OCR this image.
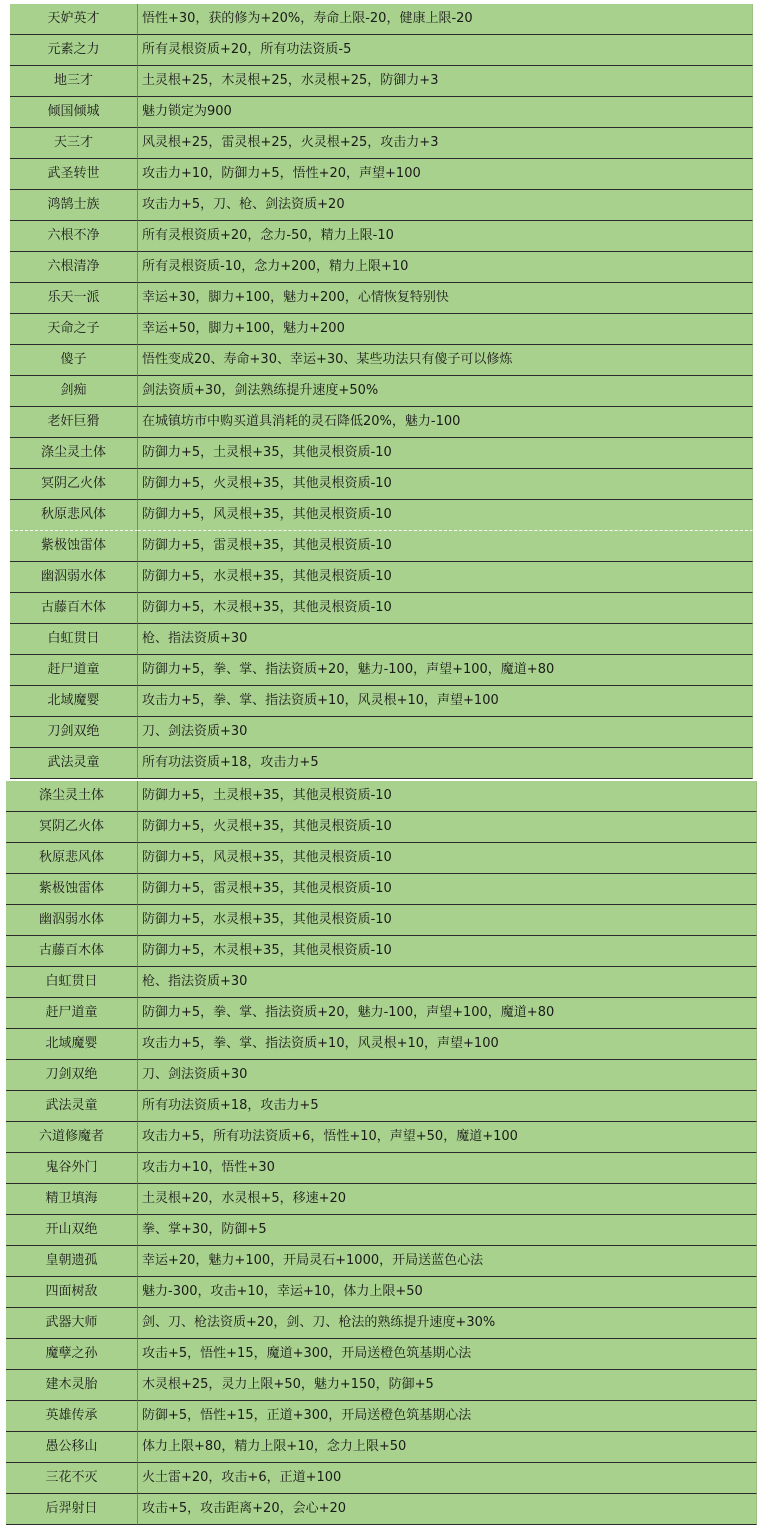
天妒英才	悟性+30，获的修为+20%，寿命上限-20，健康上限-20
元素之力	所有灵根资质+20，所有功法资质-5
地三才	土灵根+25，木灵根+25，水灵根+25，防御力+3
倾国倾城	魅力锁定为900
天三才	风灵根+25，雷灵根+25，火灵根+25，攻击力+3
武圣转世	攻击力+10，防御力+5，悟性+20，声望+100
鸿鹄士族	攻击力+5，刀、枪、剑法资质+20
六根不净	所有灵根资质+20，念力-50，精力上限-10
六根清净	所有灵根资质-10，念力+200，精力上限+10
乐天一派	幸运+30，脚力+100，魅力+200，心情恢复特别快
天命之子	幸运+50，脚力+100，魅力+200
傻子	悟性变成20、寿命+30、幸运+30、某些功法只有傻子可以修炼
剑痴	剑法资质+30，剑法熟练提升速度+50%
老奸巨猾	在城镇坊市中购买道具消耗的灵石降低20%，魅力-100
涤尘灵土体	防御力+5，土灵根+35，其他灵根资质-10
冥阴乙火体	防御力+5，火灵根+35，其他灵根资质-10
秋原悲风体	防御力+5，风灵根+35，其他灵根资质-10
紫极蚀雷体	防御力+5，雷灵根+35，其他灵根资质-10
幽泅弱水体	防御力+5，水灵根+35，其他灵根资质-10
古藤百木体	防御力+5，木灵根+35，其他灵根资质-10
白虹贯日	枪、指法资质+30
赶尸道童	防御力+5，拳、掌、指法资质+20，魅力-100，声望+100，魔道+80
北域魔婴	攻击力+5，拳、掌、指法资质+10，风灵根+10，声望+100
刀剑双绝	刀、剑法资质+30
武法灵童	所有功法资质+18，攻击力+5
涤尘灵土体	防御力+5，土灵根+35，其他灵根资质-10
冥阴乙火体	防御力+5，火灵根+35，其他灵根资质-10
秋原悲风体	防御力+5，风灵根+35，其他灵根资质-10
紫极蚀雷体	防御力+5，雷灵根+35，其他灵根资质-10
幽泅弱水体	防御力+5，水灵根+35，其他灵根资质-10
古藤百木体	防御力+5，木灵根+35，其他灵根资质-10
白虹贯日	枪、指法资质+30
赶尸道童	防御力+5，拳、掌、指法资质+20，魅力-100，声望+100，魔道+80
北域魔婴	攻击力+5，拳、掌、指法资质+10，风灵根+10，声望+100
刀剑双绝	刀、剑法资质+30
武法灵童	所有功法资质+18，攻击力+5
六道修魔者	攻击力+5，所有功法资质+6，悟性+10，声望+50，魔道+100
鬼谷外门	攻击力+10，悟性+30
精卫填海	土灵根+20，水灵根+5，移速+20
开山双绝	拳、掌+30，防御+5
皇朝遗孤	幸运+20，魅力+100，开局灵石+1000，开局送蓝色心法
四面树敌	魅力-300，攻击+10，幸运+10，体力上限+50
武器大师	剑、刀、枪法资质+20，剑、刀、枪法的熟练提升速度+30%
魔孽之孙	攻击+5，悟性+15，魔道+300，开局送橙色筑基期心法
建木灵胎	木灵根+25，灵力上限+50，魅力+150，防御+5
英雄传承	防御+5，悟性+15，正道+300，开局送橙色筑基期心法
愚公移山	体力上限+80，精力上限+10，念力上限+50
三花不灭	火土雷+20，攻击+6，正道+100
后羿射日	攻击+5，攻击距离+20，会心+20
